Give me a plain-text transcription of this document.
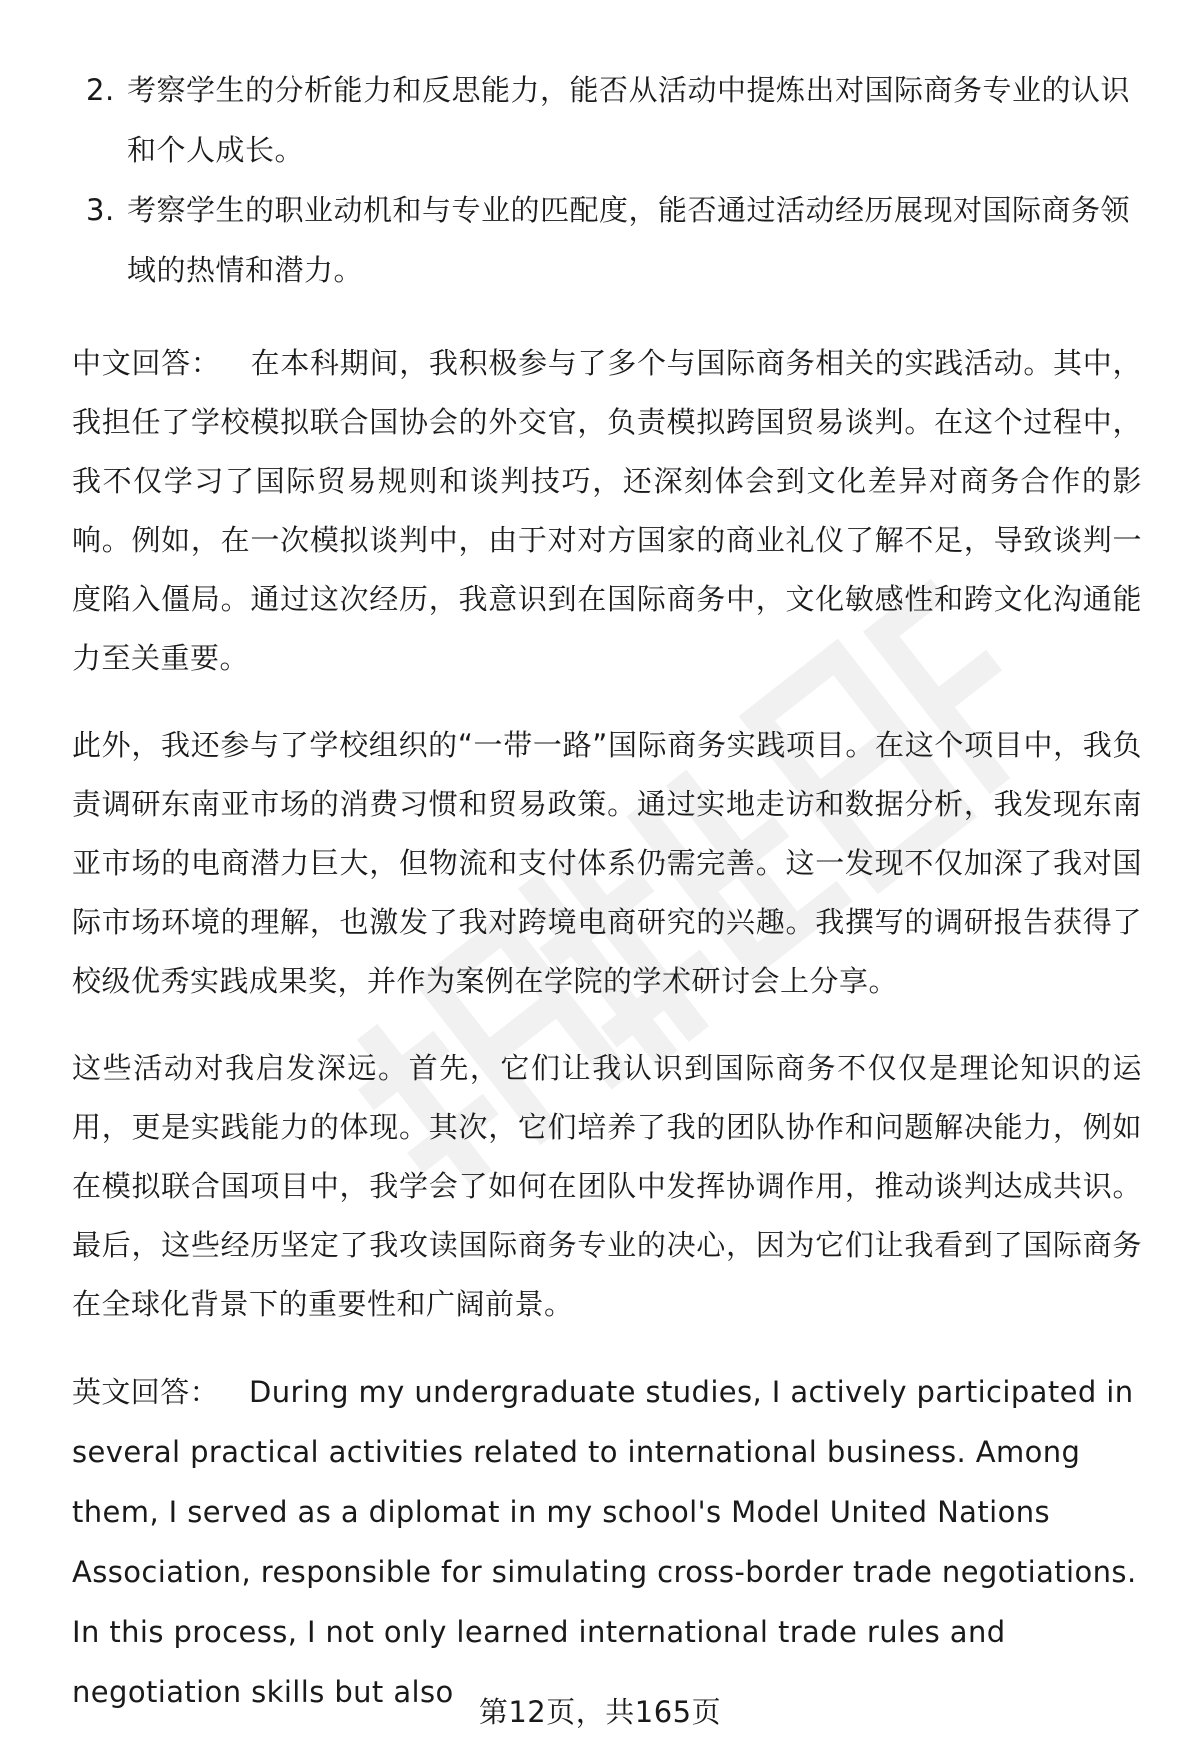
2. 考察学生的分析能力和反思能力，能否从活动中提炼出对国际商务专业的认识和个人成长。
3. 考察学生的职业动机和与专业的匹配度，能否通过活动经历展现对国际商务领域的热情和潜力。

中文回答： 在本科期间，我积极参与了多个与国际商务相关的实践活动。其中，我担任了学校模拟联合国协会的外交官，负责模拟跨国贸易谈判。在这个过程中，我不仅学习了国际贸易规则和谈判技巧，还深刻体会到文化差异对商务合作的影响。例如，在一次模拟谈判中，由于对对方国家的商业礼仪了解不足，导致谈判一度陷入僵局。通过这次经历，我意识到在国际商务中，文化敏感性和跨文化沟通能力至关重要。

此外，我还参与了学校组织的“一带一路”国际商务实践项目。在这个项目中，我负责调研东南亚市场的消费习惯和贸易政策。通过实地走访和数据分析，我发现东南亚市场的电商潜力巨大，但物流和支付体系仍需完善。这一发现不仅加深了我对国际市场环境的理解，也激发了我对跨境电商研究的兴趣。我撰写的调研报告获得了校级优秀实践成果奖，并作为案例在学院的学术研讨会上分享。

这些活动对我启发深远。首先，它们让我认识到国际商务不仅仅是理论知识的运用，更是实践能力的体现。其次，它们培养了我的团队协作和问题解决能力，例如在模拟联合国项目中，我学会了如何在团队中发挥协调作用，推动谈判达成共识。最后，这些经历坚定了我攻读国际商务专业的决心，因为它们让我看到了国际商务在全球化背景下的重要性和广阔前景。

英文回答： During my undergraduate studies, I actively participated in several practical activities related to international business. Among them, I served as a diplomat in my school's Model United Nations Association, responsible for simulating cross-border trade negotiations. In this process, I not only learned international trade rules and negotiation skills but also

第12页，共165页
